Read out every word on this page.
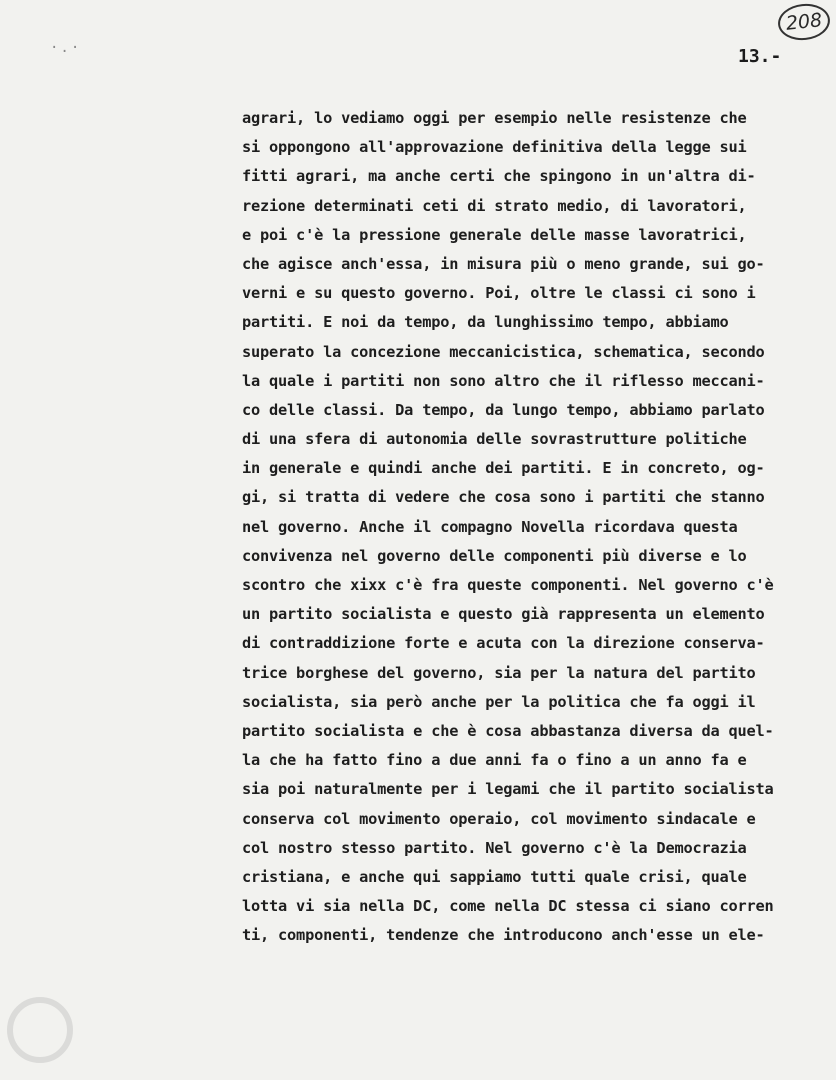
·.·
208
13.-
agrari, lo vediamo oggi per esempio nelle resistenze che
si oppongono all'approvazione definitiva della legge sui
fitti agrari, ma anche certi che spingono in un'altra di-
rezione determinati ceti di strato medio, di lavoratori,
e poi c'è la pressione generale delle masse lavoratrici,
che agisce anch'essa, in misura più o meno grande, sui go-
verni e su questo governo. Poi, oltre le classi ci sono i
partiti. E noi da tempo, da lunghissimo tempo, abbiamo
superato la concezione meccanicistica, schematica, secondo
la quale i partiti non sono altro che il riflesso meccani-
co delle classi. Da tempo, da lungo tempo, abbiamo parlato
di una sfera di autonomia delle sovrastrutture politiche
in generale e quindi anche dei partiti. E in concreto, og-
gi, si tratta di vedere che cosa sono i partiti che stanno
nel governo. Anche il compagno Novella ricordava questa
convivenza nel governo delle componenti più diverse e lo
scontro che xixx c'è fra queste componenti. Nel governo c'è
un partito socialista e questo già rappresenta un elemento
di contraddizione forte e acuta con la direzione conserva-
trice borghese del governo, sia per la natura del partito
socialista, sia però anche per la politica che fa oggi il
partito socialista e che è cosa abbastanza diversa da quel-
la che ha fatto fino a due anni fa o fino a un anno fa e
sia poi naturalmente per i legami che il partito socialista
conserva col movimento operaio, col movimento sindacale e
col nostro stesso partito. Nel governo c'è la Democrazia
cristiana, e anche qui sappiamo tutti quale crisi, quale
lotta vi sia nella DC, come nella DC stessa ci siano corren
ti, componenti, tendenze che introducono anch'esse un ele-
